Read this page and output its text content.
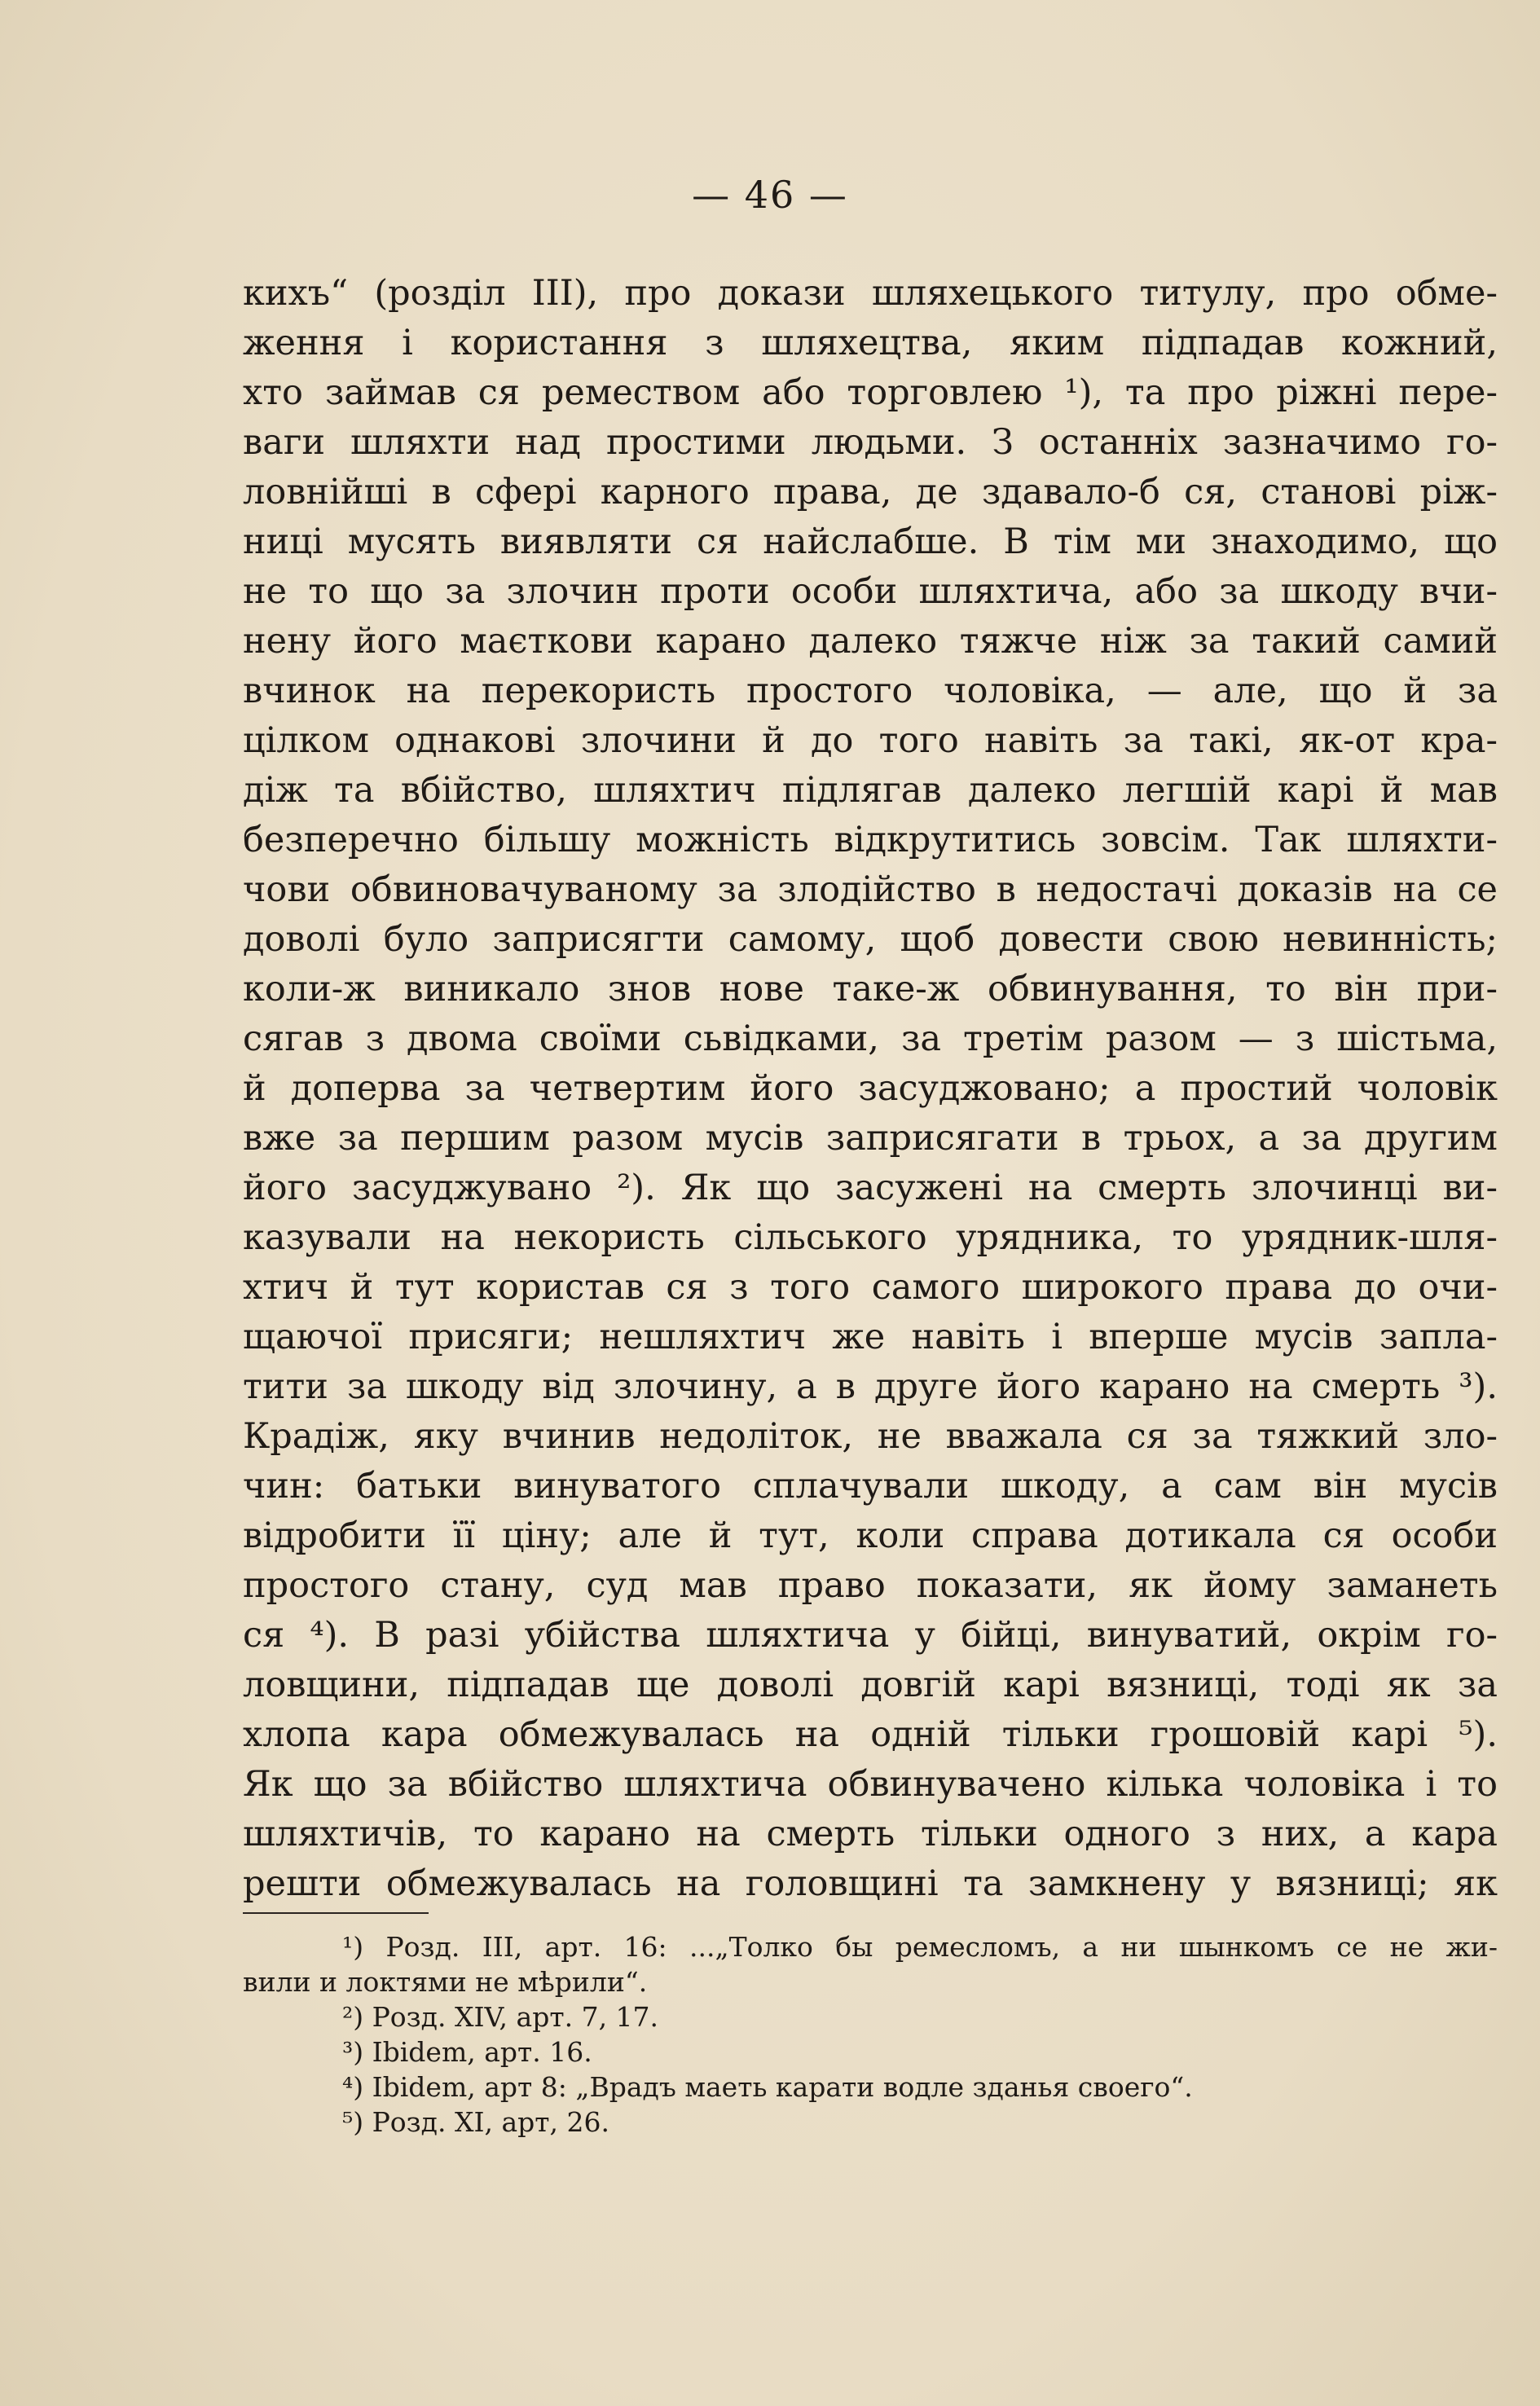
— 46 —
кихъ“ (розділ III), про докази шляхецького титулу, про обме-
ження і користання з шляхецтва, яким підпадав кожний,
хто займав ся ремеством або торговлею ¹), та про ріжні пере-
ваги шляхти над простими людьми. З останніх зазначимо го-
ловнійші в сфері карного права, де здавало-б ся, станові ріж-
ниці мусять виявляти ся найслабше. В тім ми знаходимо, що
не то що за злочин проти особи шляхтича, або за шкоду вчи-
нену його маєткови карано далеко тяжче ніж за такий самий
вчинок на перекористь простого чоловіка, — але, що й за
цілком однакові злочини й до того навіть за такі, як-от кра-
діж та вбійство, шляхтич підлягав далеко легшій карі й мав
безперечно більшу можність відкрутитись зовсім. Так шляхти-
чови обвиновачуваному за злодійство в недостачі доказів на се
доволі було заприсягти самому, щоб довести свою невинність;
коли-ж виникало знов нове таке-ж обвинування, то він при-
сягав з двома своїми сьвідками, за третім разом — з шістьма,
й доперва за четвертим його засуджовано; а простий чоловік
вже за першим разом мусів заприсягати в трьох, а за другим
його засуджувано ²). Як що засужені на смерть злочинці ви-
казували на некористь сільського урядника, то урядник-шля-
хтич й тут користав ся з того самого широкого права до очи-
щаючої присяги; нешляхтич же навіть і вперше мусів запла-
тити за шкоду від злочину, а в друге його карано на смерть ³).
Крадіж, яку вчинив недоліток, не вважала ся за тяжкий зло-
чин: батьки винуватого сплачували шкоду, а сам він мусів
відробити її ціну; але й тут, коли справа дотикала ся особи
простого стану, суд мав право показати, як йому заманеть
ся ⁴). В разі убійства шляхтича у бійці, винуватий, окрім го-
ловщини, підпадав ще доволі довгій карі вязниці, тоді як за
хлопа кара обмежувалась на одній тільки грошовій карі ⁵).
Як що за вбійство шляхтича обвинувачено кілька чоловіка і то
шляхтичів, то карано на смерть тільки одного з них, а кара
решти обмежувалась на головщині та замкнену у вязниці; як
¹) Розд. III, арт. 16: ...„Толко бы ремесломъ, а ни шынкомъ се не жи-
вили и локтями не мѣрили“.
²) Розд. XIV, арт. 7, 17.
³) Ibidem, арт. 16.
⁴) Ibidem, арт 8: „Врадъ маеть карати водле зданья своего“.
⁵) Розд. XI, арт, 26.
